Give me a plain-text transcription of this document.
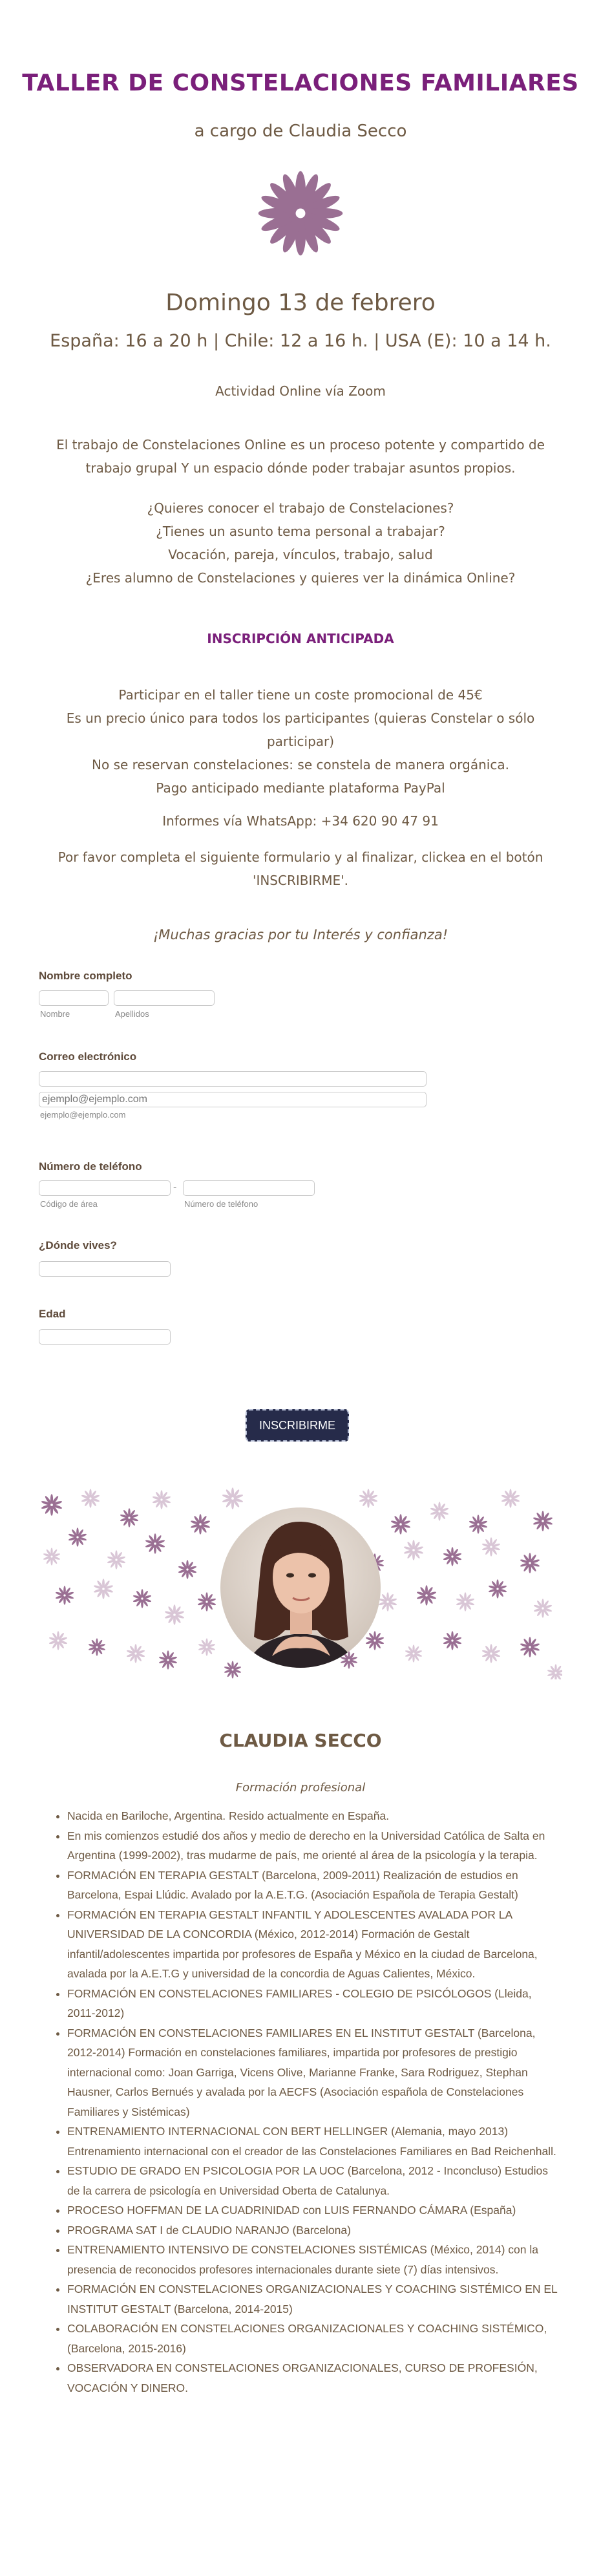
TALLER DE CONSTELACIONES FAMILIARES
a cargo de Claudia Secco
Domingo 13 de febrero
España: 16 a 20 h | Chile: 12 a 16 h. | USA (E): 10 a 14 h.
Actividad Online vía Zoom
El trabajo de Constelaciones Online es un proceso potente y compartido de
trabajo grupal Y un espacio dónde poder trabajar asuntos propios.
¿Quieres conocer el trabajo de Constelaciones?
¿Tienes un asunto tema personal a trabajar?
Vocación, pareja, vínculos, trabajo, salud
¿Eres alumno de Constelaciones y quieres ver la dinámica Online?
INSCRIPCIÓN ANTICIPADA
Participar en el taller tiene un coste promocional de 45€
Es un precio único para todos los participantes (quieras Constelar o sólo
participar)
No se reservan constelaciones: se constela de manera orgánica.
Pago anticipado mediante plataforma PayPal
Informes vía WhatsApp: +34 620 90 47 91
Por favor completa el siguiente formulario y al finalizar, clickea en el botón
'INSCRIBIRME'.
¡Muchas gracias por tu Interés y confianza!
Nombre completo
Nombre	Apellidos
Correo electrónico
ejemplo@ejemplo.com
ejemplo@ejemplo.com
Número de teléfono
-
Código de área	Número de teléfono
¿Dónde vives?
Edad
INSCRIBIRME
CLAUDIA SECCO
Formación profesional
• Nacida en Bariloche, Argentina. Resido actualmente en España.
• En mis comienzos estudié dos años y medio de derecho en la Universidad Católica de Salta en Argentina (1999-2002), tras mudarme de país, me orienté al área de la psicología y la terapia.
• FORMACIÓN EN TERAPIA GESTALT (Barcelona, 2009-2011) Realización de estudios en Barcelona, Espai Llúdic. Avalado por la A.E.T.G. (Asociación Española de Terapia Gestalt)
• FORMACIÓN EN TERAPIA GESTALT INFANTIL Y ADOLESCENTES AVALADA POR LA UNIVERSIDAD DE LA CONCORDIA (México, 2012-2014) Formación de Gestalt infantil/adolescentes impartida por profesores de España y México en la ciudad de Barcelona, avalada por la A.E.T.G y universidad de la concordia de Aguas Calientes, México.
• FORMACIÓN EN CONSTELACIONES FAMILIARES - COLEGIO DE PSICÓLOGOS (Lleida, 2011-2012)
• FORMACIÓN EN CONSTELACIONES FAMILIARES EN EL INSTITUT GESTALT (Barcelona, 2012-2014) Formación en constelaciones familiares, impartida por profesores de prestigio internacional como: Joan Garriga, Vicens Olive, Marianne Franke, Sara Rodriguez, Stephan Hausner, Carlos Bernués y avalada por la AECFS (Asociación española de Constelaciones Familiares y Sistémicas)
• ENTRENAMIENTO INTERNACIONAL CON BERT HELLINGER (Alemania, mayo 2013) Entrenamiento internacional con el creador de las Constelaciones Familiares en Bad Reichenhall.
• ESTUDIO DE GRADO EN PSICOLOGIA POR LA UOC (Barcelona, 2012 - Inconcluso) Estudios de la carrera de psicología en Universidad Oberta de Catalunya.
• PROCESO HOFFMAN DE LA CUADRINIDAD con LUIS FERNANDO CÁMARA (España)
• PROGRAMA SAT I de CLAUDIO NARANJO (Barcelona)
• ENTRENAMIENTO INTENSIVO DE CONSTELACIONES SISTÉMICAS (México, 2014) con la presencia de reconocidos profesores internacionales durante siete (7) días intensivos.
• FORMACIÓN EN CONSTELACIONES ORGANIZACIONALES Y COACHING SISTÉMICO EN EL INSTITUT GESTALT (Barcelona, 2014-2015)
• COLABORACIÓN EN CONSTELACIONES ORGANIZACIONALES Y COACHING SISTÉMICO, (Barcelona, 2015-2016)
• OBSERVADORA EN CONSTELACIONES ORGANIZACIONALES, CURSO DE PROFESIÓN, VOCACIÓN Y DINERO.
